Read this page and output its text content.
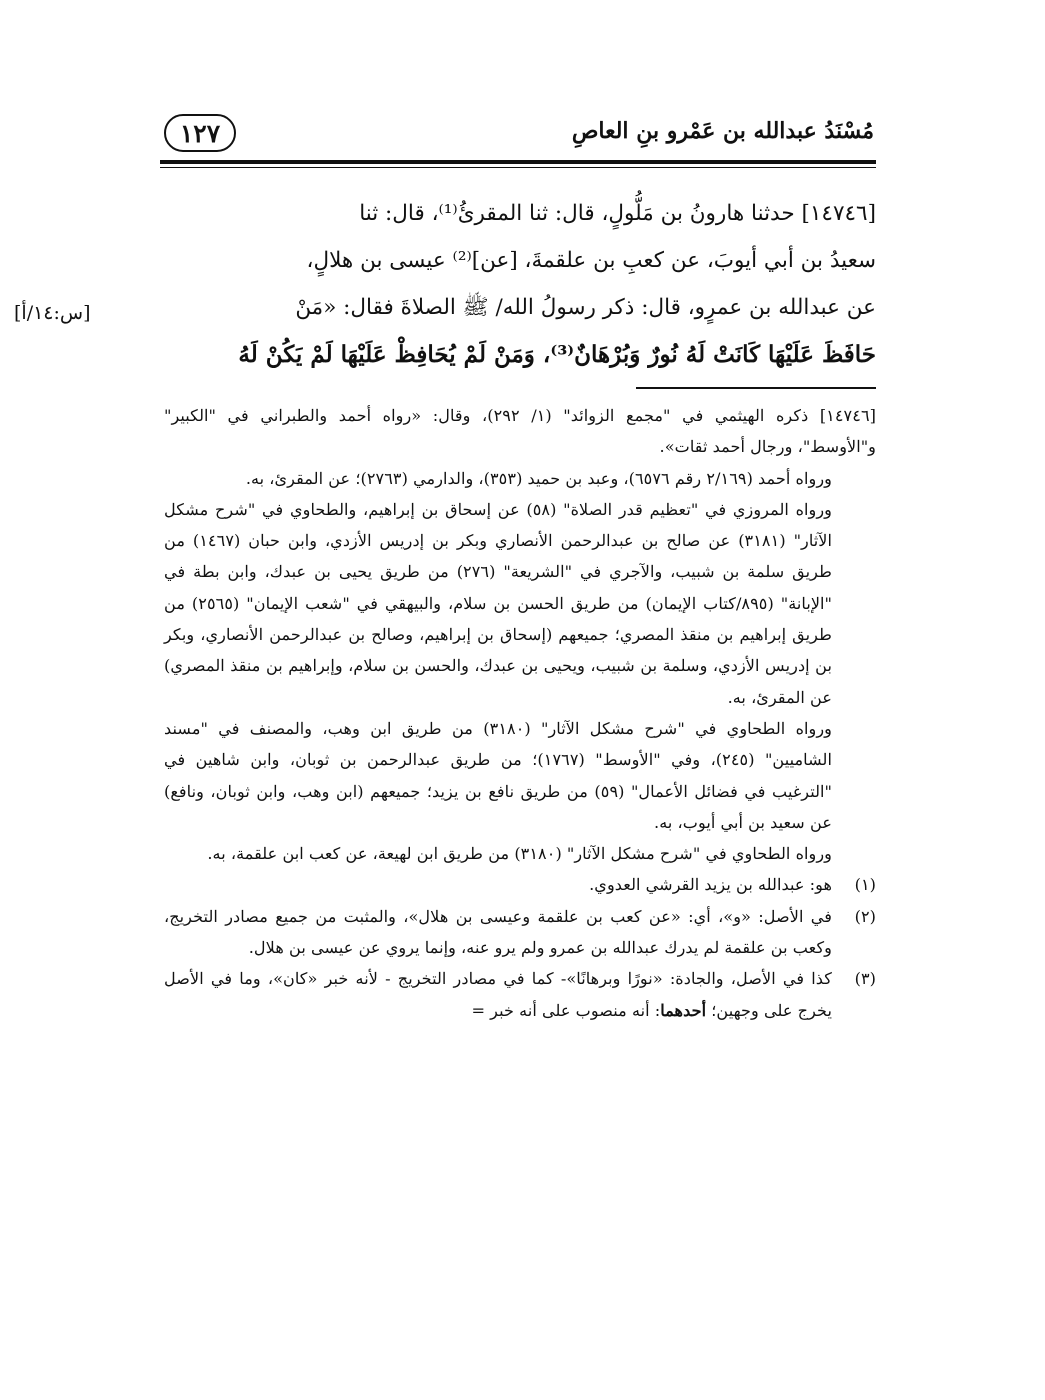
١٢٧	مُسْنَدُ عبدالله بن عَمْرو بنِ العاصِ
[س:١٤/أ]
[١٤٧٤٦] حدثنا هارونُ بن مَلُّولٍ، قال: ثنا المقرئُ⁽¹⁾، قال: ثنا
سعيدُ بن أبي أيوبَ، عن كعبِ بن علقمةَ، [عن]⁽²⁾ عيسى بن هلالٍ،
عن عبدالله بن عمرٍو، قال: ذكر رسولُ الله/ ﷺ الصلاةَ فقال: «مَنْ
حَافَظَ عَلَيْهَا كَانَتْ لَهُ نُورٌ وَبُرْهَانٌ⁽³⁾، وَمَنْ لَمْ يُحَافِظْ عَلَيْهَا لَمْ يَكُنْ لَهُ

[١٤٧٤٦] ذكره الهيثمي في "مجمع الزوائد" (١/ ٢٩٢)، وقال: «رواه أحمد والطبراني في "الكبير" و"الأوسط"، ورجال أحمد ثقات».

ورواه أحمد (٢/١٦٩ رقم ٦٥٧٦)، وعبد بن حميد (٣٥٣)، والدارمي (٢٧٦٣)؛ عن المقرئ، به.

ورواه المروزي في "تعظيم قدر الصلاة" (٥٨) عن إسحاق بن إبراهيم، والطحاوي في "شرح مشكل الآثار" (٣١٨١) عن صالح بن عبدالرحمن الأنصاري وبكر بن إدريس الأزدي، وابن حبان (١٤٦٧) من طريق سلمة بن شبيب، والآجري في "الشريعة" (٢٧٦) من طريق يحيى بن عبدك، وابن بطة في "الإبانة" (٨٩٥/كتاب الإيمان) من طريق الحسن بن سلام، والبيهقي في "شعب الإيمان" (٢٥٦٥) من طريق إبراهيم بن منقذ المصري؛ جميعهم (إسحاق بن إبراهيم، وصالح بن عبدالرحمن الأنصاري، وبكر بن إدريس الأزدي، وسلمة بن شبيب، ويحيى بن عبدك، والحسن بن سلام، وإبراهيم بن منقذ المصري) عن المقرئ، به.

ورواه الطحاوي في "شرح مشكل الآثار" (٣١٨٠) من طريق ابن وهب، والمصنف في "مسند الشاميين" (٢٤٥)، وفي "الأوسط" (١٧٦٧)؛ من طريق عبدالرحمن بن ثوبان، وابن شاهين في "الترغيب في فضائل الأعمال" (٥٩) من طريق نافع بن يزيد؛ جميعهم (ابن وهب، وابن ثوبان، ونافع) عن سعيد بن أبي أيوب، به.

ورواه الطحاوي في "شرح مشكل الآثار" (٣١٨٠) من طريق ابن لهيعة، عن كعب ابن علقمة، به.

(١)
هو: عبدالله بن يزيد القرشي العدوي.

(٢)
في الأصل: «و»، أي: «عن كعب بن علقمة وعيسى بن هلال»، والمثبت من جميع مصادر التخريج، وكعب بن علقمة لم يدرك عبدالله بن عمرو ولم يرو عنه، وإنما يروي عن عيسى بن هلال.

(٣)
كذا في الأصل، والجادة: «نورًا وبرهانًا»- كما في مصادر التخريج - لأنه خبر «كان»، وما في الأصل يخرج على وجهين؛ أحدهما: أنه منصوب على أنه خبر =
